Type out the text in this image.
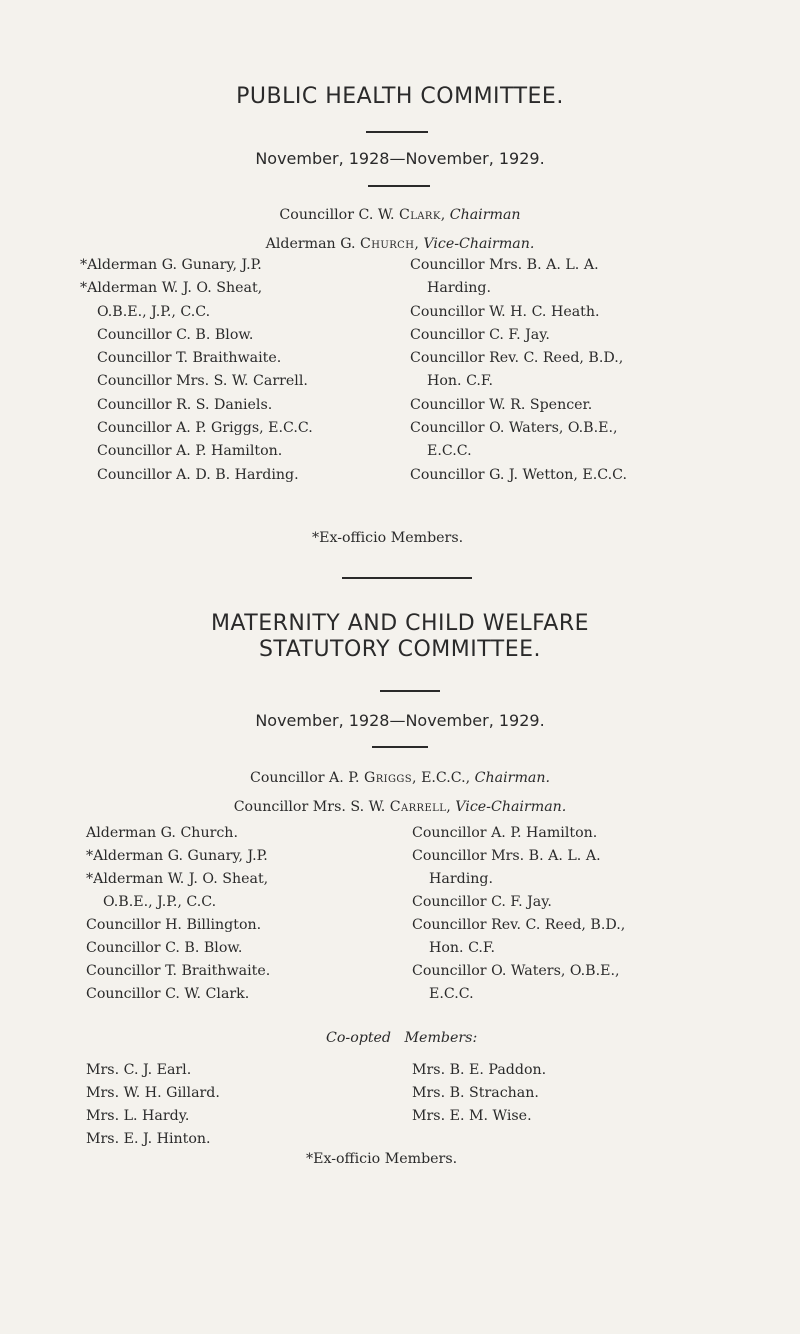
PUBLIC HEALTH COMMITTEE.
November, 1928—November, 1929.
Councillor C. W. Clark, Chairman
Alderman G. Church, Vice-Chairman.
*Alderman G. Gunary, J.P.
*Alderman W. J. O. Sheat,
O.B.E., J.P., C.C.
Councillor C. B. Blow.
Councillor T. Braithwaite.
Councillor Mrs. S. W. Carrell.
Councillor R. S. Daniels.
Councillor A. P. Griggs, E.C.C.
Councillor A. P. Hamilton.
Councillor A. D. B. Harding.
Councillor Mrs. B. A. L. A.
Harding.
Councillor W. H. C. Heath.
Councillor C. F. Jay.
Councillor Rev. C. Reed, B.D.,
Hon. C.F.
Councillor W. R. Spencer.
Councillor O. Waters, O.B.E.,
E.C.C.
Councillor G. J. Wetton, E.C.C.
*Ex-officio Members.
MATERNITY AND CHILD WELFARE
STATUTORY COMMITTEE.
November, 1928—November, 1929.
Councillor A. P. Griggs, E.C.C., Chairman.
Councillor Mrs. S. W. Carrell, Vice-Chairman.
Alderman G. Church.
*Alderman G. Gunary, J.P.
*Alderman W. J. O. Sheat,
O.B.E., J.P., C.C.
Councillor H. Billington.
Councillor C. B. Blow.
Councillor T. Braithwaite.
Councillor C. W. Clark.
Councillor A. P. Hamilton.
Councillor Mrs. B. A. L. A.
Harding.
Councillor C. F. Jay.
Councillor Rev. C. Reed, B.D.,
Hon. C.F.
Councillor O. Waters, O.B.E.,
E.C.C.
Co-opted Members:
Mrs. C. J. Earl.
Mrs. W. H. Gillard.
Mrs. L. Hardy.
Mrs. E. J. Hinton.
Mrs. B. E. Paddon.
Mrs. B. Strachan.
Mrs. E. M. Wise.
*Ex-officio Members.
